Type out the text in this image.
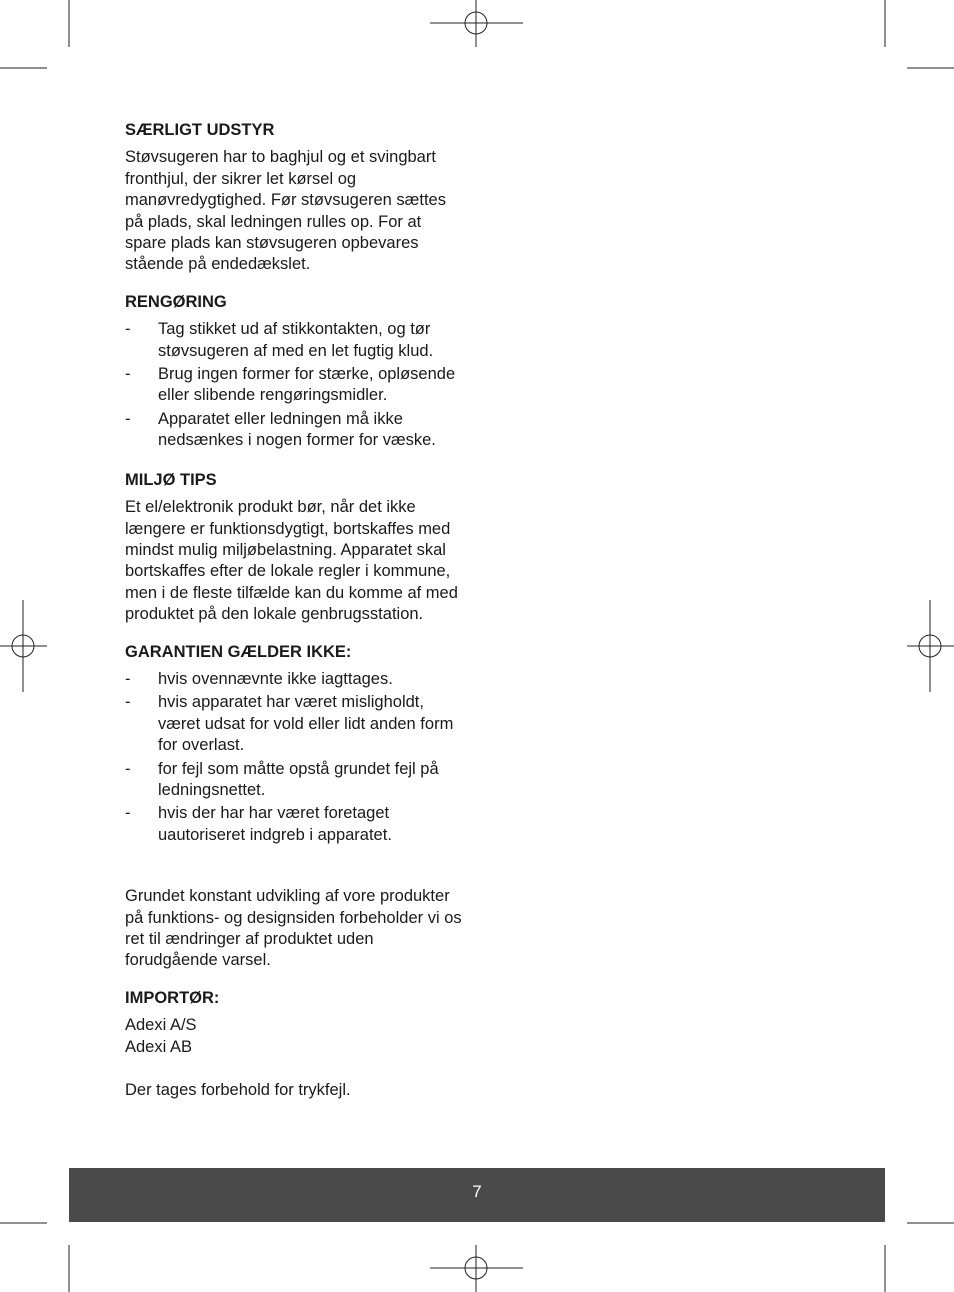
SÆRLIGT UDSTYR

Støvsugeren har to baghjul og et svingbart fronthjul, der sikrer let kørsel og manøvredygtighed. Før støvsugeren sættes på plads, skal ledningen rulles op. For at spare plads kan støvsugeren opbevares stående på endedækslet.

RENGØRING
- Tag stikket ud af stikkontakten, og tør støvsugeren af med en let fugtig klud.
- Brug ingen former for stærke, opløsende eller slibende rengøringsmidler.
- Apparatet eller ledningen må ikke nedsænkes i nogen former for væske.
MILJØ TIPS

Et el/elektronik produkt bør, når det ikke længere er funktionsdygtigt, bortskaffes med mindst mulig miljøbelastning. Apparatet skal bortskaffes efter de lokale regler i kommune, men i de fleste tilfælde kan du komme af med produktet på den lokale genbrugsstation.

GARANTIEN GÆLDER IKKE:
- hvis ovennævnte ikke iagttages.
- hvis apparatet har været misligholdt, været udsat for vold eller lidt anden form for overlast.
- for fejl som måtte opstå grundet fejl på ledningsnettet.
- hvis der har har været foretaget uautoriseret indgreb i apparatet.

Grundet konstant udvikling af vore produkter på funktions- og designsiden forbeholder vi os ret til ændringer af produktet uden forudgående varsel.

IMPORTØR:
Adexi A/S
Adexi AB

Der tages forbehold for trykfejl.

7
